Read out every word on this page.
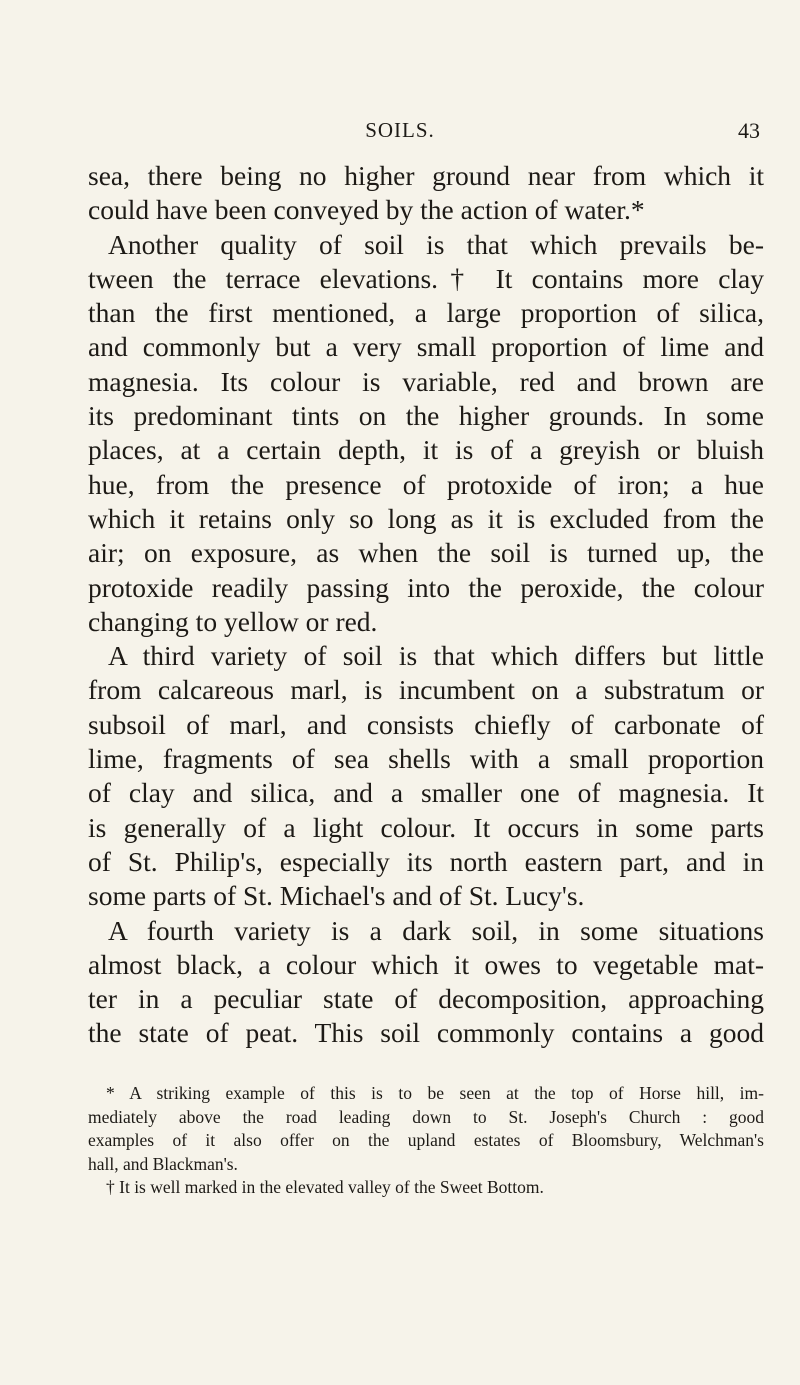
SOILS.	43
sea, there being no higher ground near from which it
could have been conveyed by the action of water.*
Another quality of soil is that which prevails be-
tween the terrace elevations.† It contains more clay
than the first mentioned, a large proportion of silica,
and commonly but a very small proportion of lime and
magnesia. Its colour is variable, red and brown are
its predominant tints on the higher grounds. In some
places, at a certain depth, it is of a greyish or bluish
hue, from the presence of protoxide of iron; a hue
which it retains only so long as it is excluded from the
air; on exposure, as when the soil is turned up, the
protoxide readily passing into the peroxide, the colour
changing to yellow or red.
A third variety of soil is that which differs but little
from calcareous marl, is incumbent on a substratum or
subsoil of marl, and consists chiefly of carbonate of
lime, fragments of sea shells with a small proportion
of clay and silica, and a smaller one of magnesia. It
is generally of a light colour. It occurs in some parts
of St. Philip's, especially its north eastern part, and in
some parts of St. Michael's and of St. Lucy's.
A fourth variety is a dark soil, in some situations
almost black, a colour which it owes to vegetable mat-
ter in a peculiar state of decomposition, approaching
the state of peat. This soil commonly contains a good
* A striking example of this is to be seen at the top of Horse hill, im-
mediately above the road leading down to St. Joseph's Church : good
examples of it also offer on the upland estates of Bloomsbury, Welchman's
hall, and Blackman's.
† It is well marked in the elevated valley of the Sweet Bottom.
